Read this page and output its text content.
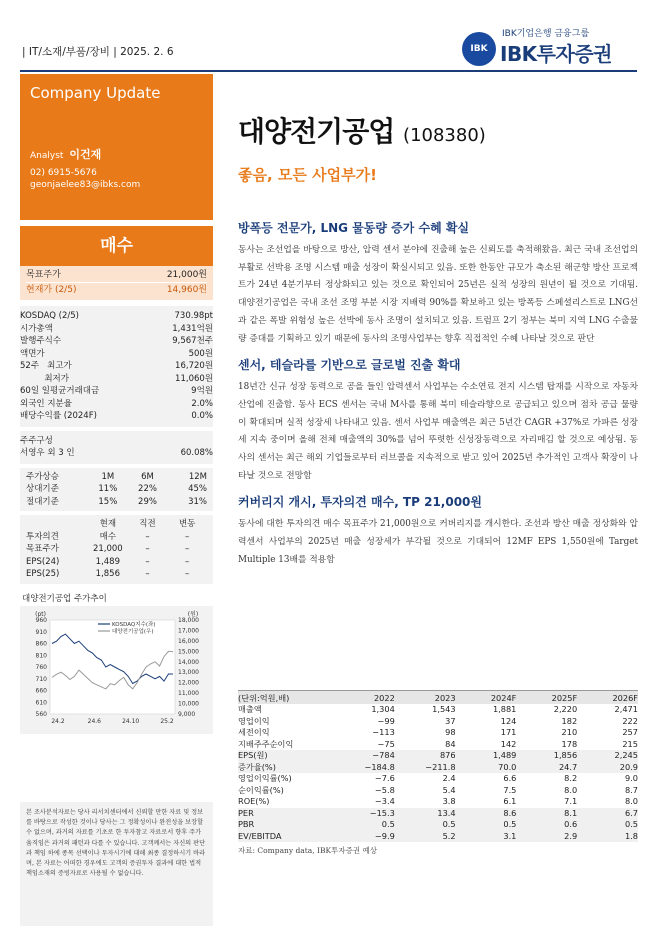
| IT/소재/부품/장비 | 2025. 2. 6	IBK
IBK기업은행 금융그룹
IBK투자증권
Company Update
Analyst 이건재
02) 6915-5676
geonjaelee83@ibks.com
매수
목표주가	21,000원
현재가 (2/5)	14,960원
KOSDAQ (2/5)	730.98pt
시가총액	1,431억원
발행주식수	9,567천주
액면가	500원
52주   최고가	16,720원
최저가	11,060원
60일 일평균거래대금	9억원
외국인 지분율	2.0%
배당수익률 (2024F)	0.0%
주주구성
서영우 외 3 인	60.08%
주가상승	1M	6M	12M
상대기준	11%	22%	45%
절대기준	15%	29%	31%
현재	직전	변동
투자의견	매수	–	–
목표주가	21,000	–	–
EPS(24)	1,489	–	–
EPS(25)	1,856	–	–
대양전기공업 주가추이
(pt)	(원)
960
910
860
810
760
710
660
610
560
18,000
17,000
16,000
15,000
14,000
13,000
12,000
11,000
10,000
9,000
24.2	24.6	24.10	25.2
KOSDAQ지수(좌)
대양전기공업(우)
본 조사분석자료는 당사 리서치센터에서 신뢰할 만한 자료 및 정보를 바탕으로 작성한 것이나 당사는 그 정확성이나 완전성을 보장할 수 없으며, 과거의 자료를 기초로 한 투자참고 자료로서 향후 주가 움직임은 과거의 패턴과 다를 수 있습니다. 고객께서는 자신의 판단과 책임 하에 종목 선택이나 투자시기에 대해 최종 결정하시기 바라며, 본 자료는 어떠한 경우에도 고객의 증권투자 결과에 대한 법적 책임소재의 증빙자료로 사용될 수 없습니다.
대양전기공업 (108380)
좋음, 모든 사업부가!
방폭등 전문가, LNG 물동량 증가 수혜 확실
동사는 조선업을 바탕으로 방산, 압력 센서 분야에 진출해 높은 신뢰도를 축적해왔음. 최근 국내 조선업의 부활로 선박용 조명 시스템 매출 성장이 확실시되고 있음. 또한 한동안 규모가 축소된 해군향 방산 프로젝트가 24년 4분기부터 정상화되고 있는 것으로 확인되어 25년은 실적 성장의 원년이 될 것으로 기대됨. 대양전기공업은 국내 조선 조명 부분 시장 지배력 90%를 확보하고 있는 방폭등 스페셜리스트로 LNG선과 같은 폭발 위험성 높은 선박에 동사 조명이 설치되고 있음. 트럼프 2기 정부는 북미 지역 LNG 수출물량 증대를 기획하고 있기 때문에 동사의 조명사업부는 향후 직접적인 수혜 나타날 것으로 판단
센서, 테슬라를 기반으로 글로벌 진출 확대
18년간 신규 성장 동력으로 공을 들인 압력센서 사업부는 수소연료 전지 시스템 탑재를 시작으로 자동차 산업에 진출함. 동사 ECS 센서는 국내 M사를 통해 북미 테슬라향으로 공급되고 있으며 점차 공급 물량이 확대되며 실적 성장세 나타내고 있음. 센서 사업부 매출액은 최근 5년간 CAGR +37%로 가파른 성장세 지속 중이며 올해 전체 매출액의 30%를 넘어 뚜렷한 신성장동력으로 자리매김 할 것으로 예상됨. 동사의 센서는 최근 해외 기업들로부터 러브콜을 지속적으로 받고 있어 2025년 추가적인 고객사 확장이 나타날 것으로 전망함
커버리지 개시, 투자의견 매수, TP 21,000원
동사에 대한 투자의견 매수 목표주가 21,000원으로 커버리지를 개시한다. 조선과 방산 매출 정상화와 압력센서 사업부의 2025년 매출 성장세가 부각될 것으로 기대되어 12MF EPS 1,550원에 Target Multiple 13배를 적용함
(단위:억원,배)	2022	2023	2024F	2025F	2026F
매출액	1,304	1,543	1,881	2,220	2,471
영업이익	−99	37	124	182	222
세전이익	−113	98	171	210	257
지배주주순이익	−75	84	142	178	215
EPS(원)	−784	876	1,489	1,856	2,245
증가율(%)	−184.8	−211.8	70.0	24.7	20.9
영업이익률(%)	−7.6	2.4	6.6	8.2	9.0
순이익률(%)	−5.8	5.4	7.5	8.0	8.7
ROE(%)	−3.4	3.8	6.1	7.1	8.0
PER	−15.3	13.4	8.6	8.1	6.7
PBR	0.5	0.5	0.5	0.6	0.5
EV/EBITDA	−9.9	5.2	3.1	2.9	1.8
자료: Company data, IBK투자증권 예상
